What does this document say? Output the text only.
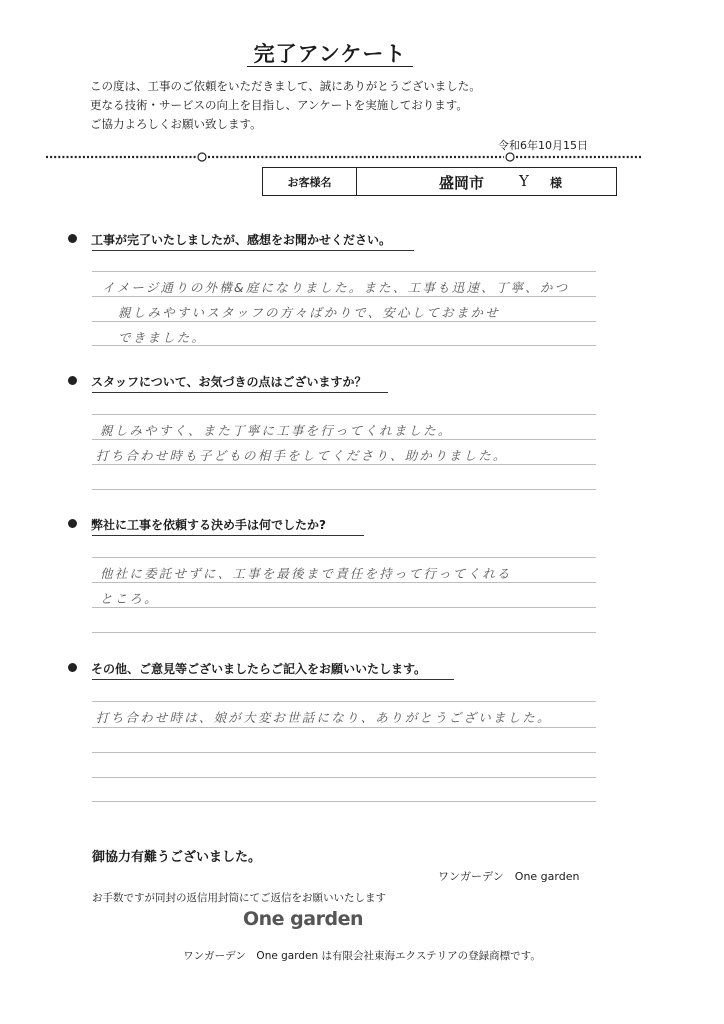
完了アンケート
この度は、工事のご依頼をいただきまして、誠にありがとうございました。
更なる技術・サービスの向上を目指し、アンケートを実施しております。
ご協力よろしくお願い致します。
令和6年10月15日
お客様名	盛岡市 Y 様
工事が完了いたしましたが、感想をお聞かせください。
イメージ通りの外構&庭になりました。また、工事も迅速、丁寧、かつ
親しみやすいスタッフの方々ばかりで、安心しておまかせ
できました。
スタッフについて、お気づきの点はございますか？
親しみやすく、また丁寧に工事を行ってくれました。
打ち合わせ時も子どもの相手をしてくださり、助かりました。
弊社に工事を依頼する決め手は何でしたか?
他社に委託せずに、工事を最後まで責任を持って行ってくれる
ところ。
その他、ご意見等ございましたらご記入をお願いいたします。
打ち合わせ時は、娘が大変お世話になり、ありがとうございました。
御協力有難うございました。
ワンガーデン　One garden
お手数ですが同封の返信用封筒にてご返信をお願いいたします
One garden
ワンガーデン　One garden は有限会社東海エクステリアの登録商標です。
